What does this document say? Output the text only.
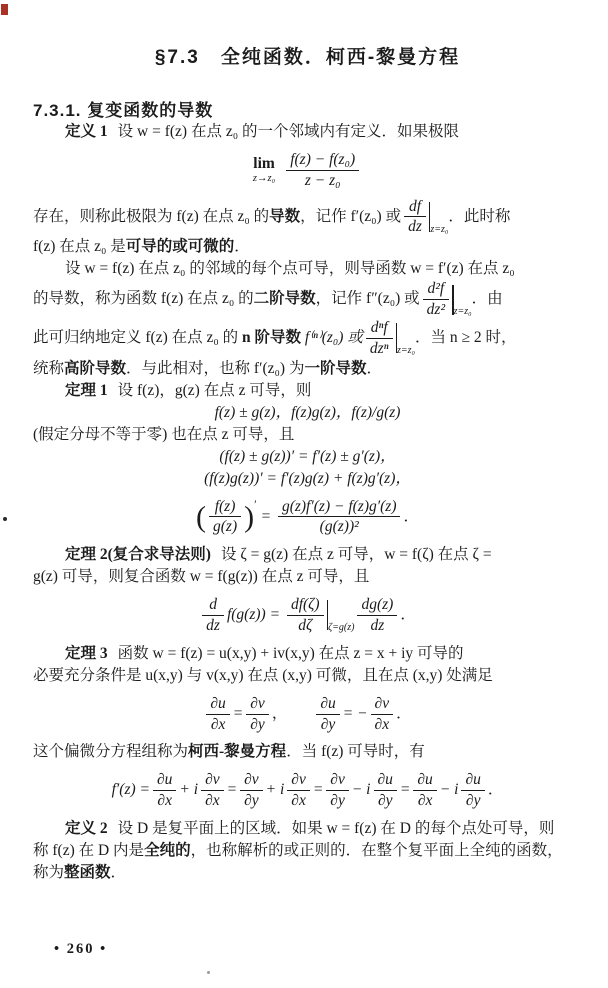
§7.3　全纯函数．柯西-黎曼方程
7.3.1. 复变函数的导数

定义 1 设 w = f(z) 在点 z₀ 的一个邻域内有定义．如果极限

lim
$z\to z_0 \frac{\text{f(z) − f(z₀)}}{\text{z − z₀}}$

存在，则称此极限为 f(z) 在点 z₀ 的导数，记作 f′(z₀) 或 $\frac{df}{dz} z=z_0$．此时称

f(z) 在点 z₀ 是可导的或可微的．

设 w = f(z) 在点 z₀ 的邻域的每个点可导，则导函数 w = f′(z) 在点 z₀

的导数，称为函数 f(z) 在点 z₀ 的二阶导数，记作 f″(z₀) 或 $\frac{\text{d²f}}{\text{dz²}} z=z_0$．由

此可归纳地定义 f(z) 在点 z₀ 的 n 阶导数 f⁽ⁿ⁾(z₀) 或 $\frac{\text{dⁿf}}{\text{dzⁿ}} z=z_0$．当 n ≥ 2 时，

统称高阶导数．与此相对，也称 f′(z₀) 为一阶导数．

定理 1 设 f(z)，g(z) 在点 z 可导，则

f(z) ± g(z)，f(z)g(z)，f(z)/g(z)

(假定分母不等于零) 也在点 z 可导，且

(f(z) ± g(z))′ = f′(z) ± g′(z)，

(f(z)g(z))′ = f′(z)g(z) + f(z)g′(z)，

( $\frac{f(z)}{g(z)} )' = \frac{g(z)f'(z) - f(z)g'(z)}{\text{(g(z))²}}$ ．

定理 2(复合求导法则) 设 ζ = g(z) 在点 z 可导，w = f(ζ) 在点 ζ =

g(z) 可导，则复合函数 w = f(g(z)) 在点 z 可导，且

$\frac{d}{dz} f(g(z)) = \frac{df(\zeta)}{d\zeta} \zeta=g(z) \frac{dg(z)}{dz}$ ．

定理 3 函数 w = f(z) = u(x,y) + iv(x,y) 在点 z = x + iy 可导的

必要充分条件是 u(x,y) 与 v(x,y) 在点 (x,y) 可微，且在点 (x,y) 处满足

$\frac{\partial u}{\partial x} = \frac{\partial v}{\partial y}$ ， $\frac{\partial u}{\partial y}$ = − $\frac{\partial v}{\partial x}$ ．

这个偏微分方程组称为柯西-黎曼方程．当 f(z) 可导时，有

$f'(z) = \frac{\partial u}{\partial x} + i \frac{\partial v}{\partial x} = \frac{\partial v}{\partial y} + i \frac{\partial v}{\partial x} = \frac{\partial v}{\partial y} - i \frac{\partial u}{\partial y} = \frac{\partial u}{\partial x} - i \frac{\partial u}{\partial y}$ ．

定义 2 设 D 是复平面上的区域．如果 w = f(z) 在 D 的每个点处可导，则

称 f(z) 在 D 内是全纯的，也称解析的或正则的．在整个复平面上全纯的函数，

称为整函数．

• 260 •
